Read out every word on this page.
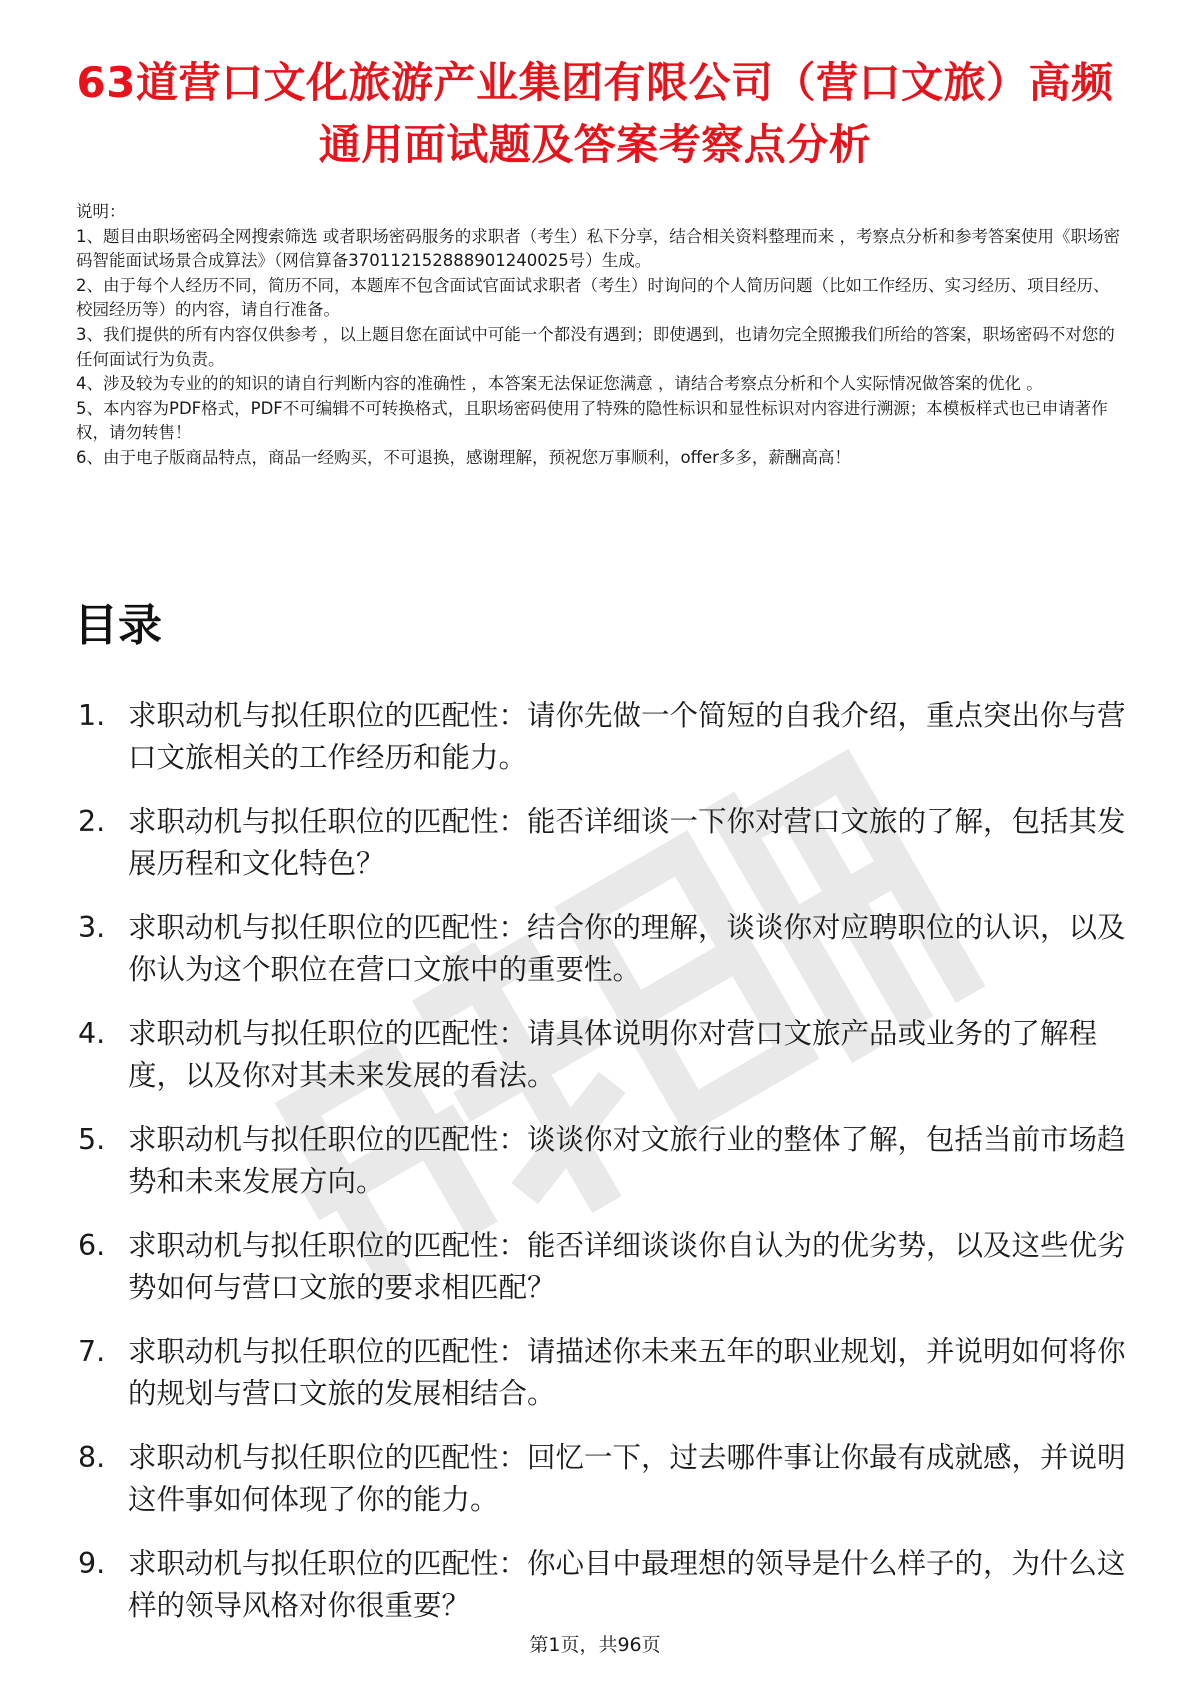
63道营口文化旅游产业集团有限公司（营口文旅）高频通用面试题及答案考察点分析
说明：
1、题目由职场密码全网搜索筛选 或者职场密码服务的求职者（考生）私下分享，结合相关资料整理而来 ，考察点分析和参考答案使用《职场密码智能面试场景合成算法》（网信算备370112152888901240025号）生成。
2、由于每个人经历不同，简历不同，本题库不包含面试官面试求职者（考生）时询问的个人简历问题（比如工作经历、实习经历、项目经历、校园经历等）的内容，请自行准备。
3、我们提供的所有内容仅供参考 ，以上题目您在面试中可能一个都没有遇到；即使遇到，也请勿完全照搬我们所给的答案，职场密码不对您的任何面试行为负责。
4、涉及较为专业的的知识的请自行判断内容的准确性 ，本答案无法保证您满意 ，请结合考察点分析和个人实际情况做答案的优化 。
5、本内容为PDF格式，PDF不可编辑不可转换格式，且职场密码使用了特殊的隐性标识和显性标识对内容进行溯源；本模板样式也已申请著作权，请勿转售！
6、由于电子版商品特点，商品一经购买，不可退换，感谢理解，预祝您万事顺利，offer多多，薪酬高高！
目录
1. 求职动机与拟任职位的匹配性：请你先做一个简短的自我介绍，重点突出你与营口文旅相关的工作经历和能力。
2. 求职动机与拟任职位的匹配性：能否详细谈一下你对营口文旅的了解，包括其发展历程和文化特色？
3. 求职动机与拟任职位的匹配性：结合你的理解，谈谈你对应聘职位的认识，以及你认为这个职位在营口文旅中的重要性。
4. 求职动机与拟任职位的匹配性：请具体说明你对营口文旅产品或业务的了解程度，以及你对其未来发展的看法。
5. 求职动机与拟任职位的匹配性：谈谈你对文旅行业的整体了解，包括当前市场趋势和未来发展方向。
6. 求职动机与拟任职位的匹配性：能否详细谈谈你自认为的优劣势，以及这些优劣势如何与营口文旅的要求相匹配？
7. 求职动机与拟任职位的匹配性：请描述你未来五年的职业规划，并说明如何将你的规划与营口文旅的发展相结合。
8. 求职动机与拟任职位的匹配性：回忆一下，过去哪件事让你最有成就感，并说明这件事如何体现了你的能力。
9. 求职动机与拟任职位的匹配性：你心目中最理想的领导是什么样子的，为什么这样的领导风格对你很重要？
第1页，共96页
